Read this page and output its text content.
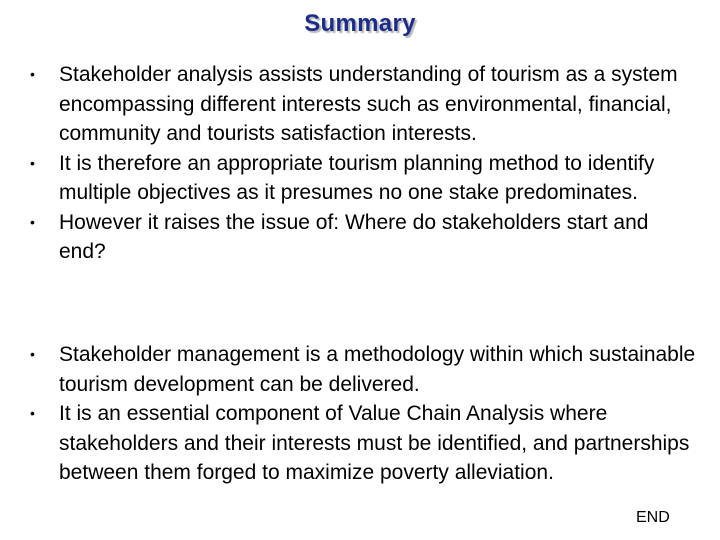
Summary
• Stakeholder analysis assists understanding of tourism as a system encompassing different interests such as environmental, financial, community and tourists satisfaction interests.
• It is therefore an appropriate tourism planning method to identify multiple objectives as it presumes no one stake predominates.
• However it raises the issue of: Where do stakeholders start and end?
• Stakeholder management is a methodology within which sustainable tourism development can be delivered.
• It is an essential component of Value Chain Analysis where stakeholders and their interests must be identified, and partnerships between them forged to maximize poverty alleviation.
END
